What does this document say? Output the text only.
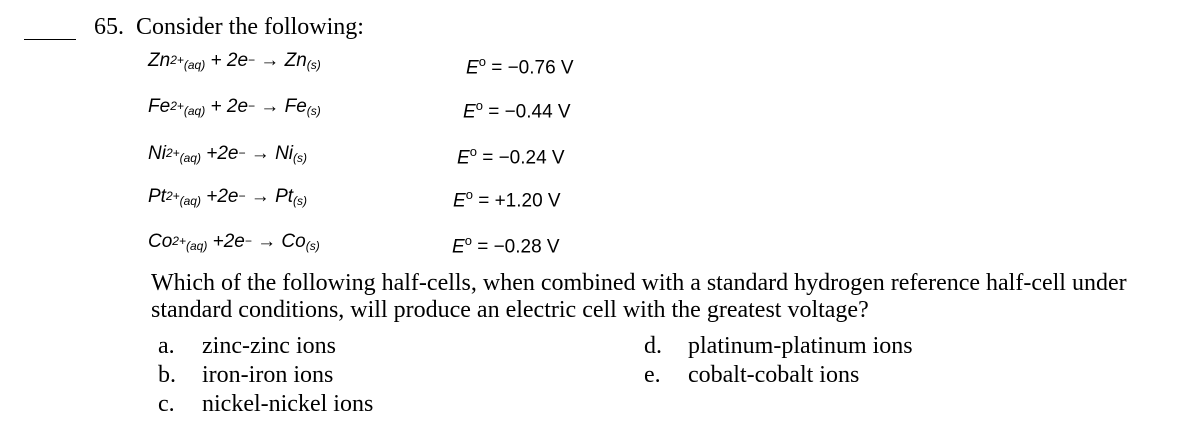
65. Consider the following:
$Zn^{2+}_{(aq)} + 2e^- \to Zn_{(s)}$	$E^o = -0.76$ V
$Fe^{2+}_{(aq)} + 2e^- \to Fe_{(s)}$	$E^o = -0.44$ V
$Ni^{2+}_{(aq)} +2e^- \to Ni_{(s)}$	$E^o = -0.24$ V
$Pt^{2+}_{(aq)} +2e^- \to Pt_{(s)}$	$E^o = +1.20$ V
$Co^{2+}_{(aq)} +2e^- \to Co_{(s)}$	$E^o = -0.28$ V
Which of the following half-cells, when combined with a standard hydrogen reference half-cell under standard conditions, will produce an electric cell with the greatest voltage?
a. zinc-zinc ions
b. iron-iron ions
c. nickel-nickel ions
d. platinum-platinum ions
e. cobalt-cobalt ions
